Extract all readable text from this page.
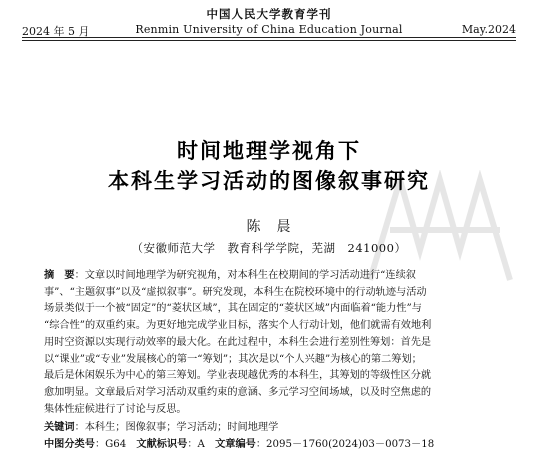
中国人民大学教育学刊
2024 年 5 月	Renmin University of China Education Journal	May.2024
时间地理学视角下
本科生学习活动的图像叙事研究
陈　晨
（安徽师范大学　教育科学学院，芜湖　241000）

摘　要：文章以时间地理学为研究视角，对本科生在校期间的学习活动进行“连续叙
事”、“主题叙事”以及“虚拟叙事”。研究发现，本科生在院校环境中的行动轨迹与活动
场景类似于一个被“固定”的“菱状区域”，其在固定的“菱状区域”内面临着“能力性”与
“综合性”的双重约束。为更好地完成学业目标，落实个人行动计划，他们就需有效地利
用时空资源以实现行动效率的最大化。在此过程中，本科生会进行差别性筹划：首先是
以“课业”或“专业”发展核心的第一“筹划”；其次是以“个人兴趣”为核心的第二筹划；
最后是休闲娱乐为中心的第三筹划。学业表现越优秀的本科生，其筹划的等级性区分就
愈加明显。文章最后对学习活动双重约束的意涵、多元学习空间场域，以及时空焦虑的
集体性症候进行了讨论与反思。

关键词：本科生；图像叙事；学习活动；时间地理学
中图分类号：G64  文献标识号：A  文章编号：2095－1760(2024)03－0073－18
